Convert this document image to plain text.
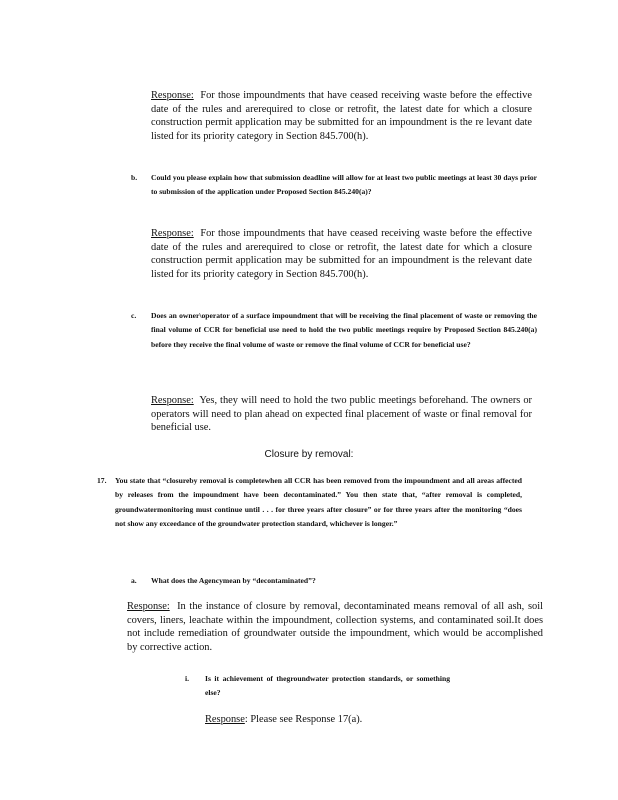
Response: For those impoundments that have ceased receiving waste before the effective date of the rules and arerequired to close or retrofit, the latest date for which a closure construction permit application may be submitted for an impoundment is the re levant date listed for its priority category in Section 845.700(h).
b. Could you please explain how that submission deadline will allow for at least two public meetings at least 30 days prior to submission of the application under Proposed Section 845.240(a)?
Response: For those impoundments that have ceased receiving waste before the effective date of the rules and arerequired to close or retrofit, the latest date for which a closure construction permit application may be submitted for an impoundment is the relevant date listed for its priority category in Section 845.700(h).
c. Does an owner\operator of a surface impoundment that will be receiving the final placement of waste or removing the final volume of CCR for beneficial use need to hold the two public meetings require by Proposed Section 845.240(a) before they receive the final volume of waste or remove the final volume of CCR for beneficial use?
Response: Yes, they will need to hold the two public meetings beforehand. The owners or operators will need to plan ahead on expected final placement of waste or final removal for beneficial use.
Closure by removal:
17. You state that “closureby removal is completewhen all CCR has been removed from the impoundment and all areas affected by releases from the impoundment have been decontaminated.” You then state that, “after removal is completed, groundwatermonitoring must continue until . . . for three years after closure” or for three years after the monitoring “does not show any exceedance of the groundwater protection standard, whichever is longer.”
a. What does the Agencymean by “decontaminated”?
Response: In the instance of closure by removal, decontaminated means removal of all ash, soil covers, liners, leachate within the impoundment, collection systems, and contaminated soil.It does not include remediation of groundwater outside the impoundment, which would be accomplished by corrective action.
i. Is it achievement of thegroundwater protection standards, or something else?
Response: Please see Response 17(a).
